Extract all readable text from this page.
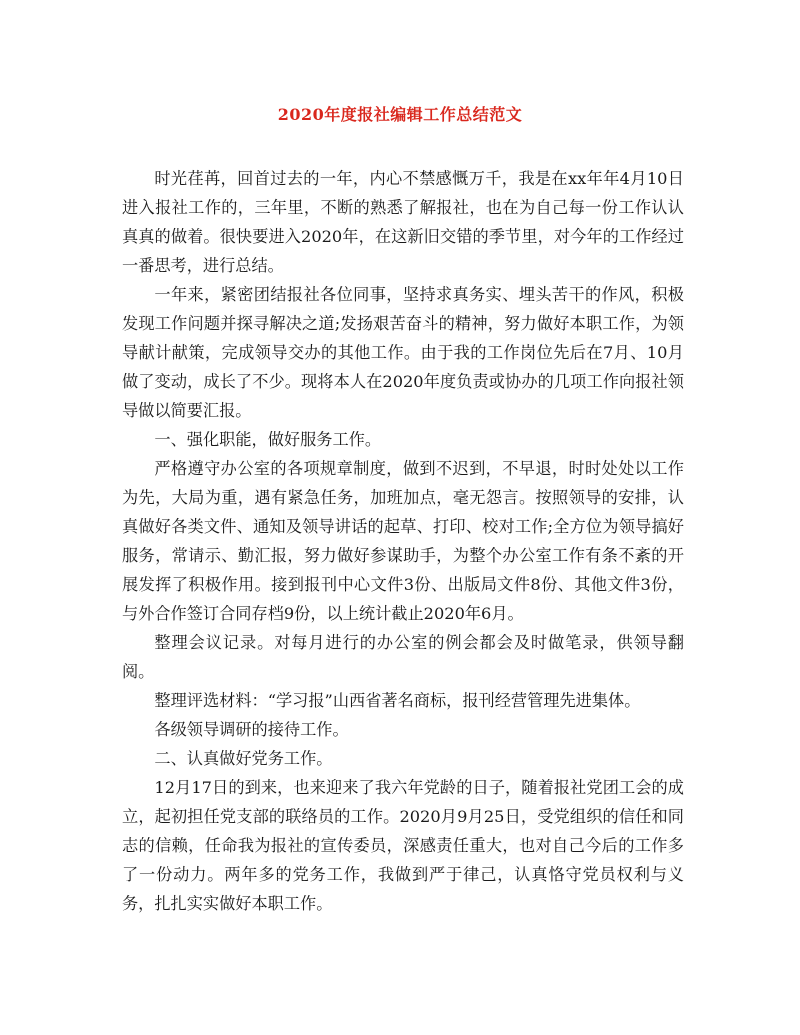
2020年度报社编辑工作总结范文

时光荏苒，回首过去的一年，内心不禁感慨万千，我是在xx年年4月10日进入报社工作的，三年里，不断的熟悉了解报社，也在为自己每一份工作认认真真的做着。很快要进入2020年，在这新旧交错的季节里，对今年的工作经过一番思考，进行总结。

一年来，紧密团结报社各位同事，坚持求真务实、埋头苦干的作风，积极发现工作问题并探寻解决之道;发扬艰苦奋斗的精神，努力做好本职工作，为领导献计献策，完成领导交办的其他工作。由于我的工作岗位先后在7月、10月做了变动，成长了不少。现将本人在2020年度负责或协办的几项工作向报社领导做以简要汇报。

一、强化职能，做好服务工作。

严格遵守办公室的各项规章制度，做到不迟到，不早退，时时处处以工作为先，大局为重，遇有紧急任务，加班加点，毫无怨言。按照领导的安排，认真做好各类文件、通知及领导讲话的起草、打印、校对工作;全方位为领导搞好服务，常请示、勤汇报，努力做好参谋助手，为整个办公室工作有条不紊的开展发挥了积极作用。接到报刊中心文件3份、出版局文件8份、其他文件3份，与外合作签订合同存档9份，以上统计截止2020年6月。

整理会议记录。对每月进行的办公室的例会都会及时做笔录，供领导翻阅。

整理评选材料：“学习报”山西省著名商标，报刊经营管理先进集体。

各级领导调研的接待工作。

二、认真做好党务工作。

12月17日的到来，也来迎来了我六年党龄的日子，随着报社党团工会的成立，起初担任党支部的联络员的工作。2020月9月25日，受党组织的信任和同志的信赖，任命我为报社的宣传委员，深感责任重大，也对自己今后的工作多了一份动力。两年多的党务工作，我做到严于律己，认真恪守党员权利与义务，扎扎实实做好本职工作。
